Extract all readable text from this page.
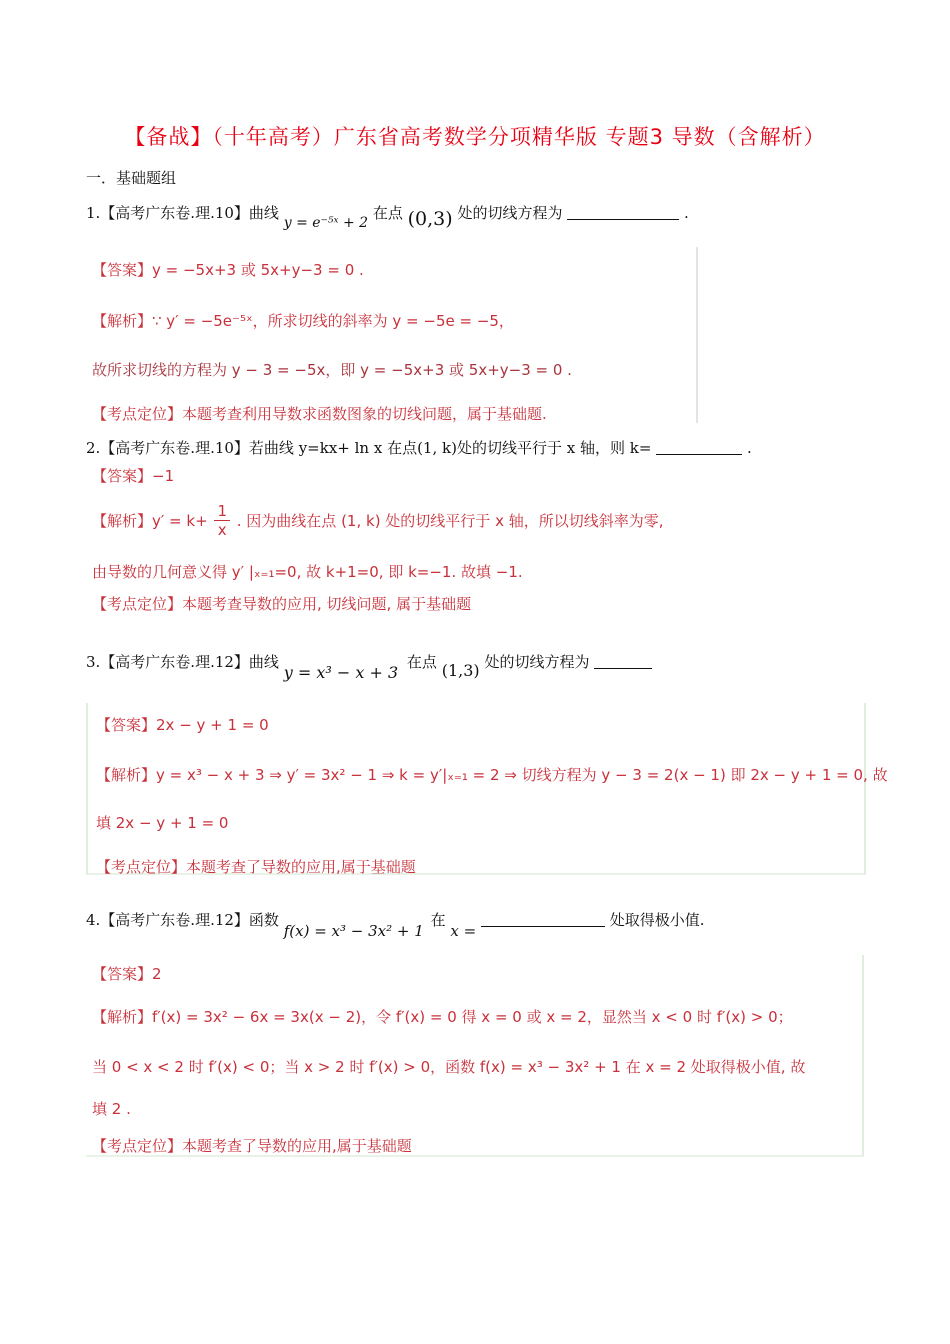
【备战】（十年高考）广东省高考数学分项精华版 专题3 导数（含解析）
一．基础题组
1.【高考广东卷.理.10】曲线 y = e⁻⁵ˣ + 2 在点 (0,3) 处的切线方程为	.
【答案】y = −5x+3 或 5x+y−3 = 0 .
【解析】∵ y′ = −5e⁻⁵ˣ，所求切线的斜率为 y = −5e = −5，
故所求切线的方程为 y − 3 = −5x，即 y = −5x+3 或 5x+y−3 = 0 .
【考点定位】本题考查利用导数求函数图象的切线问题，属于基础题.
2.【高考广东卷.理.10】若曲线 y=kx+ ln x 在点(1, k)处的切线平行于 x 轴，则 k=	.
【答案】−1
【解析】$y' = k+ \frac{1}{x}$ . 因为曲线在点 (1, k) 处的切线平行于 x 轴，所以切线斜率为零,
由导数的几何意义得 y′ |ₓ₌₁=0, 故 k+1=0, 即 k=−1. 故填 −1.
【考点定位】本题考查导数的应用, 切线问题, 属于基础题
3.【高考广东卷.理.12】曲线 y = x³ − x + 3 在点 (1,3) 处的切线方程为
【答案】2x − y + 1 = 0
【解析】y = x³ − x + 3 ⇒ y′ = 3x² − 1 ⇒ k = y′|ₓ₌₁ = 2 ⇒ 切线方程为 y − 3 = 2(x − 1) 即 2x − y + 1 = 0, 故
填 2x − y + 1 = 0
【考点定位】本题考查了导数的应用,属于基础题
4.【高考广东卷.理.12】函数 f(x) = x³ − 3x² + 1 在 x =  处取得极小值.
【答案】2
【解析】f′(x) = 3x² − 6x = 3x(x − 2)，令 f′(x) = 0 得 x = 0 或 x = 2，显然当 x < 0 时 f′(x) > 0；
当 0 < x < 2 时 f′(x) < 0；当 x > 2 时 f′(x) > 0，函数 f(x) = x³ − 3x² + 1 在 x = 2 处取得极小值, 故
填 2 .
【考点定位】本题考查了导数的应用,属于基础题
